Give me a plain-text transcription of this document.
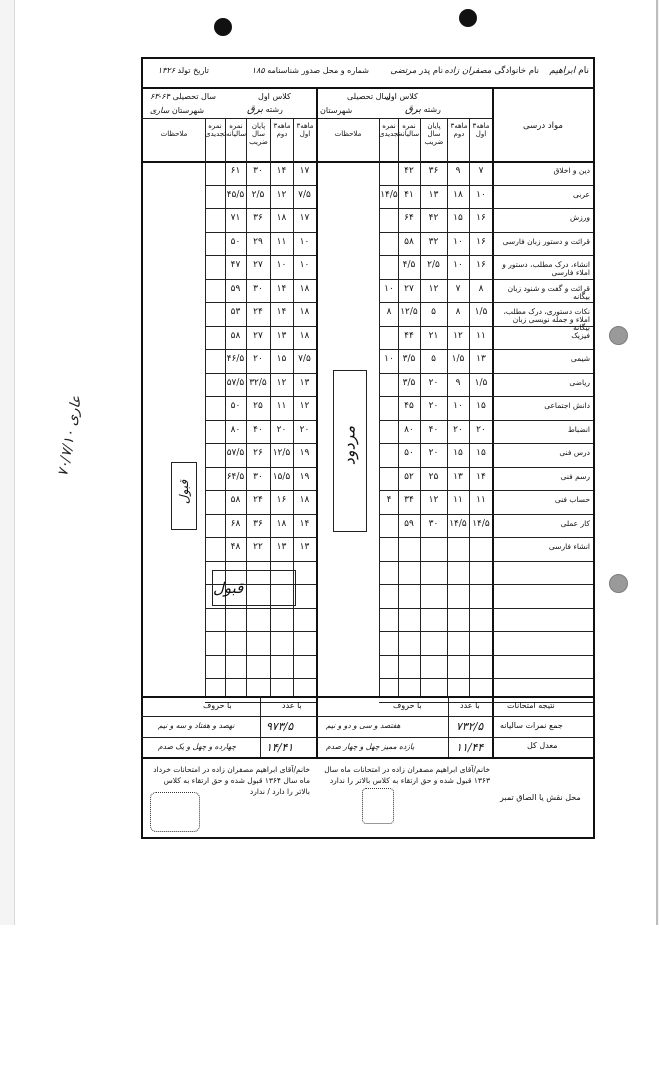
نام ابراهیم
نام خانوادگی مصفران زاده
نام پدر مرتضی
شماره و محل صدور شناسنامه ۱۸۵
تاریخ تولد ۱۳۲۶
کلاس اول
سال تحصیلی
شهرستان	رشته برق
کلاس اول
سال تحصیلی ۶۴-۶۳
شهرستان ساری	رشته برق
مواد درسی
۳ماهه
اول
۳ماهه
دوم
پایان
سال
ضریب
نمره
سالیانه
نمره
تجدیدی
ملاحظات
۳ماهه
اول
۳ماهه
دوم
پایان
سال
ضریب
نمره
سالیانه
نمره
تجدیدی
ملاحظات
دین و اخلاق
عربی
ورزش
قرائت و دستور زبان فارسی
انشاء، درک مطلب، دستور و املاء فارسی
قرائت و گفت و شنود زبان بیگانه
نکات دستوری، درک مطلب، املاء و جمله نویسی زبان بیگانه
فیزیک
شیمی
ریاضی
دانش اجتماعی
انضباط
درس فنی
رسم فنی
حساب فنی
کار عملی
انشاء فارسی
۷
۹
۳۶
۴۲
۱۰
۱۸
۱۳
۴۱
۱۴/۵
۱۶
۱۵
۴۲
۶۴
۱۶
۱۰
۳۲
۵۸
۱۶
۱۰
۲/۵
۴/۵
۸
۷
۱۲
۲۷
۱۰
۱/۵
۸
۵
۱۲/۵
۸
۱۱
۱۲
۲۱
۴۴
۱۳
۱/۵
۵
۳/۵
۱۰
۱/۵
۹
۲۰
۳/۵
۱۵
۱۰
۲۰
۴۵
۲۰
۲۰
۴۰
۸۰
۱۵
۱۵
۲۰
۵۰
۱۴
۱۳
۲۵
۵۲
۱۱
۱۱
۱۲
۳۴
۴
۱۴/۵
۱۴/۵
۳۰
۵۹
۱۷
۱۴
۳۰
۶۱
۷/۵
۱۲
۲/۵
۴۵/۵
۱۷
۱۸
۳۶
۷۱
۱۰
۱۱
۲۹
۵۰
۱۰
۱۰
۲۷
۴۷
۱۸
۱۴
۳۰
۵۹
۱۸
۱۴
۲۴
۵۳
۱۸
۱۳
۲۷
۵۸
۷/۵
۱۵
۲۰
۴۶/۵
۱۳
۱۲
۳۲/۵
۵۷/۵
۱۲
۱۱
۲۵
۵۰
۲۰
۲۰
۴۰
۸۰
۱۹
۱۲/۵
۲۶
۵۷/۵
۱۹
۱۵/۵
۳۰
۶۴/۵
۱۸
۱۶
۲۴
۵۸
۱۴
۱۸
۳۶
۶۸
۱۳
۱۳
۲۲
۴۸
نتیجه امتحانات
جمع نمرات سالیانه
معدل کل
با عدد
با حروف
با عدد
با حروف
۷۳۲/۵
هفتصد و سی و دو و نیم
۱۱/۴۴
یازده ممیز چهل و چهار صدم
۹۷۳/۵
نهصد و هفتاد و سه و نیم
۱۴/۴۱
چهارده و چهل و یک صدم
محل نقش یا الصاق تمبر
خانم/آقای ابراهیم مصفران زاده در امتحانات ماه سال ۱۳۶۳ قبول شده و حق ارتقاء به کلاس بالاتر را ندارد
خانم/آقای ابراهیم مصفران زاده در امتحانات خرداد ماه سال ۱۳۶۴ قبول شده و حق ارتقاء به کلاس بالاتر را دارد / ندارد
مردود
قبول
قبول
۷۰/۷/۱۰ عاری
